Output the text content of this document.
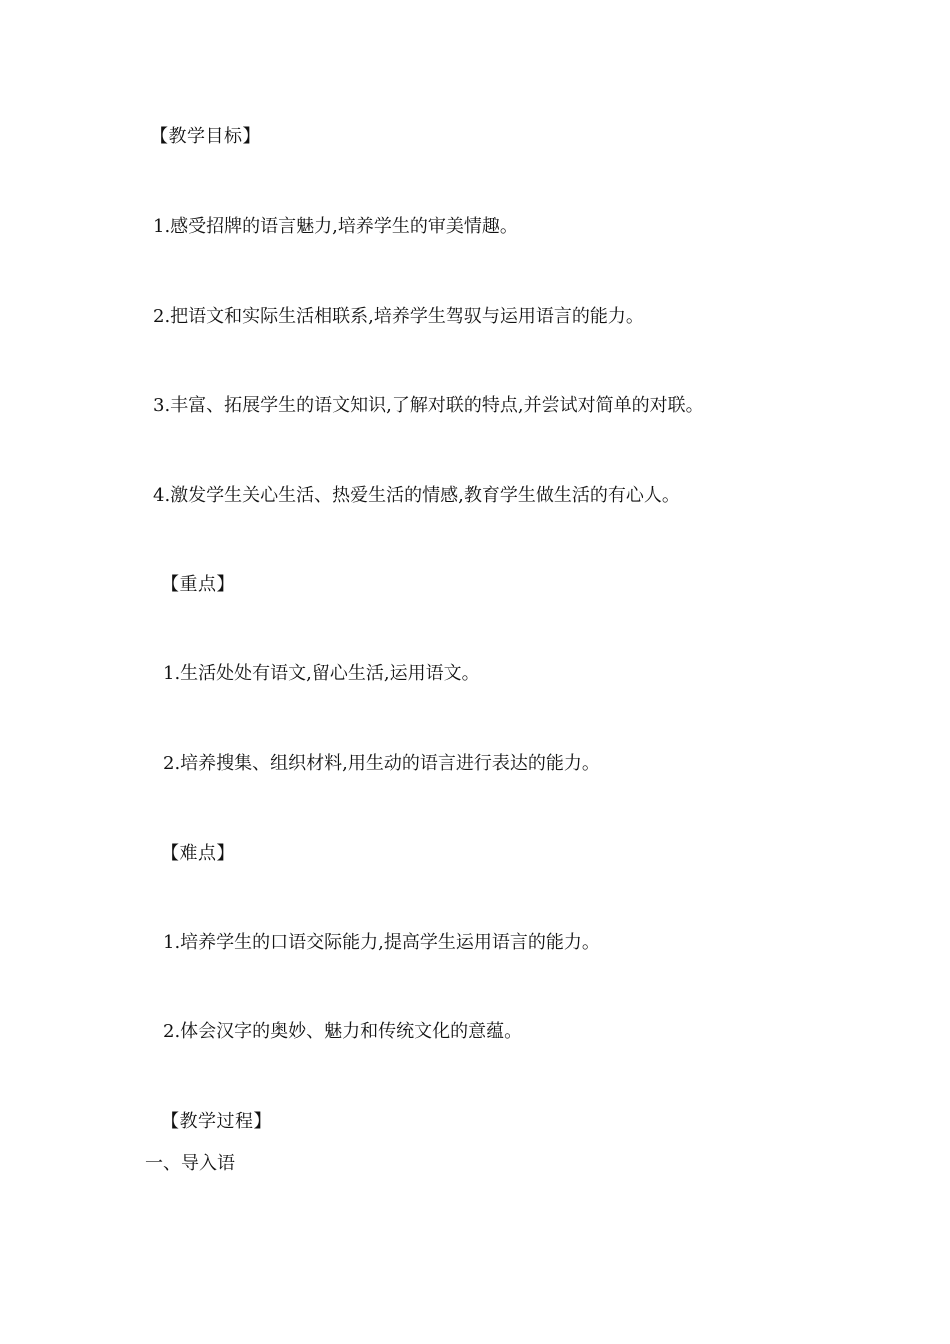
【教学目标】
1.感受招牌的语言魅力,培养学生的审美情趣。
2.把语文和实际生活相联系,培养学生驾驭与运用语言的能力。
3.丰富、拓展学生的语文知识,了解对联的特点,并尝试对简单的对联。
4.激发学生关心生活、热爱生活的情感,教育学生做生活的有心人。
【重点】
1.生活处处有语文,留心生活,运用语文。
2.培养搜集、组织材料,用生动的语言进行表达的能力。
【难点】
1.培养学生的口语交际能力,提高学生运用语言的能力。
2.体会汉字的奥妙、魅力和传统文化的意蕴。
【教学过程】
一、导入语
